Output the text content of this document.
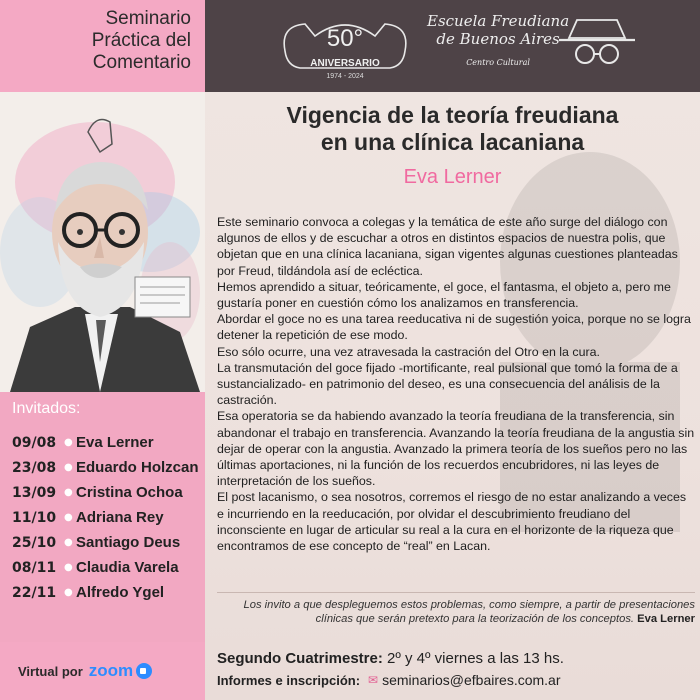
Seminario
Práctica del
Comentario
Invitados:
09/08 ● Eva Lerner
23/08 ● Eduardo Holzcan
13/09 ● Cristina Ochoa
11/10 ● Adriana Rey
25/10 ● Santiago Deus
08/11 ● Claudia Varela
22/11 ● Alfredo Ygel
Virtual por zoom
50°
ANIVERSARIO
1974 - 2024
Escuela Freudiana
de Buenos Aires
Centro Cultural
Vigencia de la teoría freudiana
en una clínica lacaniana
Eva Lerner

Este seminario convoca a colegas y la temática de este año surge del diálogo con algunos de ellos y de escuchar a otros en distintos espacios de nuestra polis, que objetan que en una clínica lacaniana, sigan vigentes algunas cuestiones planteadas por Freud, tildándola así de ecléctica.

Hemos aprendido a situar, teóricamente, el goce, el fantasma, el objeto a, pero me gustaría poner en cuestión cómo los analizamos en transferencia.

Abordar el goce no es una tarea reeducativa ni de sugestión yoica, porque no se logra detener la repetición de ese modo.

Eso sólo ocurre, una vez atravesada la castración del Otro en la cura.

La transmutación del goce fijado -mortificante, real pulsional que tomó la forma de a sustancializado- en patrimonio del deseo, es una consecuencia del análisis de la castración.

Esa operatoria se da habiendo avanzado la teoría freudiana de la transferencia, sin abandonar el trabajo en transferencia. Avanzando la teoría freudiana de la angustia sin dejar de operar con la angustia. Avanzado la primera teoría de los sueños pero no las últimas aportaciones, ni la función de los recuerdos encubridores, ni las leyes de interpretación de los sueños.

El post lacanismo, o sea nosotros, corremos el riesgo de no estar analizando a veces e incurriendo en la reeducación, por olvidar el descubrimiento freudiano del inconsciente en lugar de articular su real a la cura en el horizonte de la riqueza que encontramos de ese concepto de “real” en Lacan.

Los invito a que despleguemos estos problemas, como siempre, a partir de presentaciones clínicas que serán pretexto para la teorización de los conceptos. Eva Lerner
Segundo Cuatrimestre: 2º y 4º viernes a las 13 hs.
Informes e inscripción: ✉ seminarios@efbaires.com.ar
